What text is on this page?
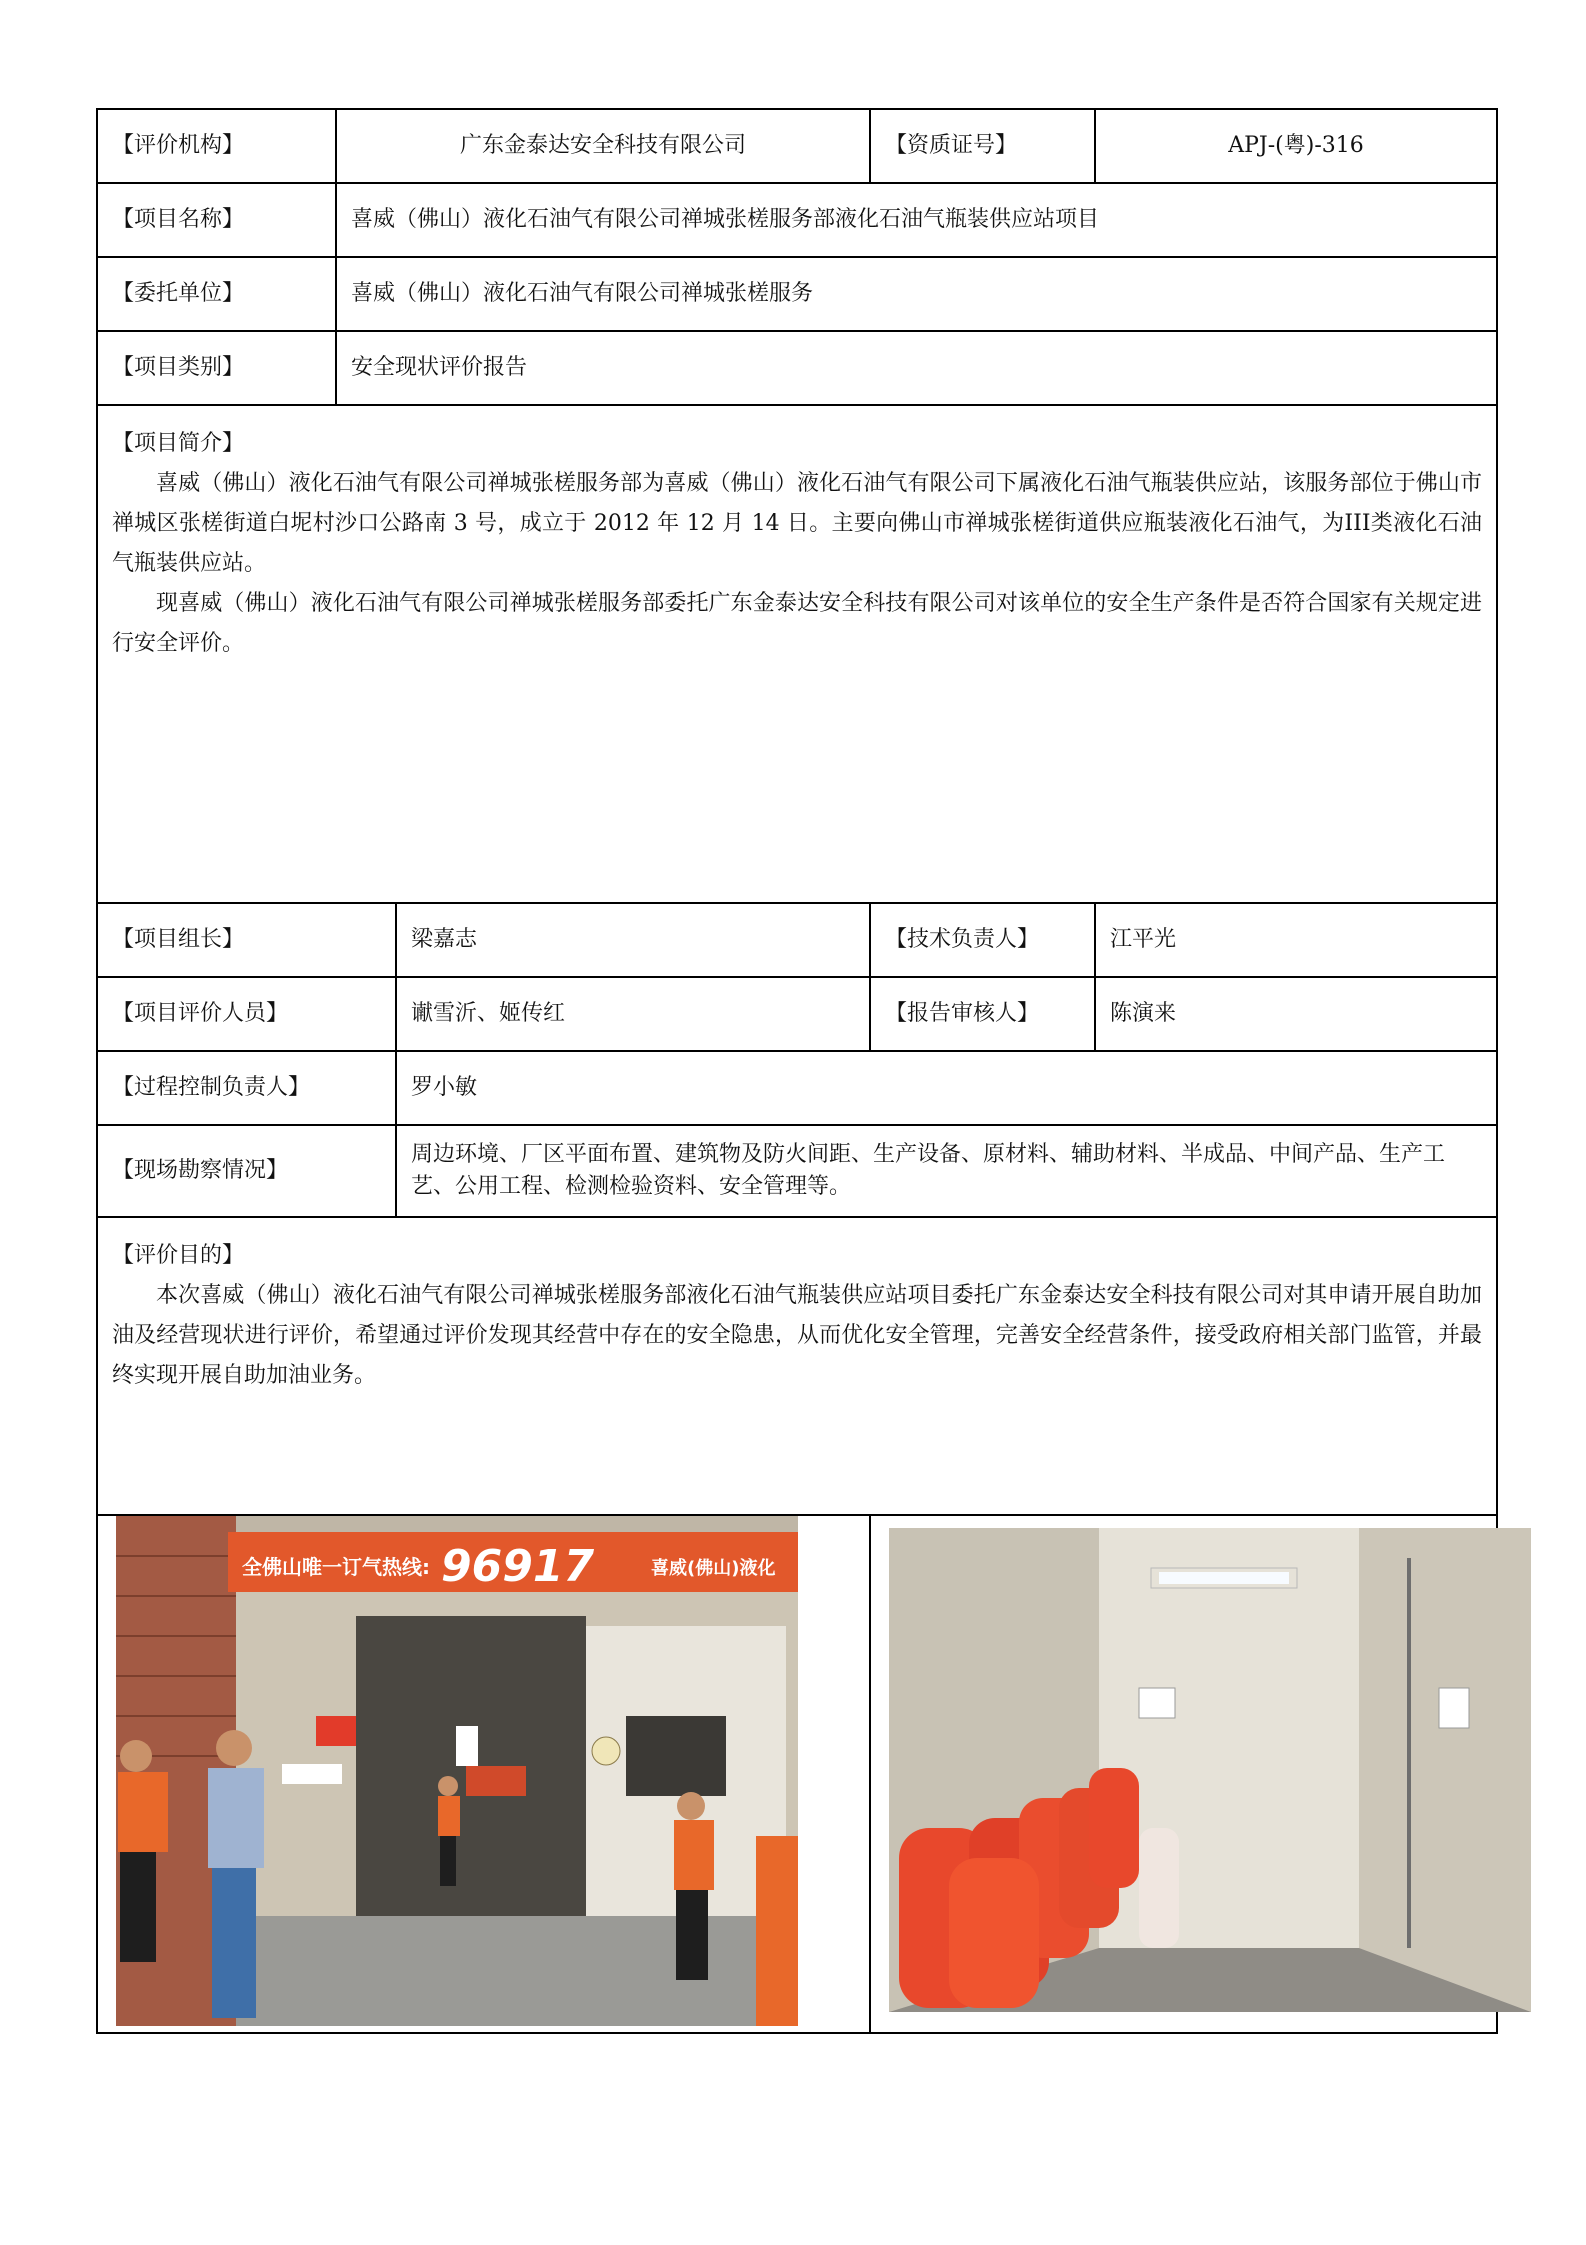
【评价机构】	广东金泰达安全科技有限公司		【资质证号】	APJ-(粤)-316
【项目名称】	喜威（佛山）液化石油气有限公司禅城张槎服务部液化石油气瓶装供应站项目			
【委托单位】	喜威（佛山）液化石油气有限公司禅城张槎服务			
【项目类别】	安全现状评价报告			

【项目简介】

喜威（佛山）液化石油气有限公司禅城张槎服务部为喜威（佛山）液化石油气有限公司下属液化石油气瓶装供应站，该服务部位于佛山市禅城区张槎街道白坭村沙口公路南 3 号，成立于 2012 年 12 月 14 日。主要向佛山市禅城张槎街道供应瓶装液化石油气，为III类液化石油气瓶装供应站。

现喜威（佛山）液化石油气有限公司禅城张槎服务部委托广东金泰达安全科技有限公司对该单位的安全生产条件是否符合国家有关规定进行安全评价。				

【项目组长】		梁嘉志	【技术负责人】	江平光
【项目评价人员】		谳雪沂、姬传红	【报告审核人】	陈演来
【过程控制负责人】		罗小敏		
【现场勘察情况】		周边环境、厂区平面布置、建筑物及防火间距、生产设备、原材料、辅助材料、半成品、中间产品、生产工艺、公用工程、检测检验资料、安全管理等。		

【评价目的】

本次喜威（佛山）液化石油气有限公司禅城张槎服务部液化石油气瓶装供应站项目委托广东金泰达安全科技有限公司对其申请开展自助加油及经营现状进行评价，希望通过评价发现其经营中存在的安全隐患，从而优化安全管理，完善安全经营条件，接受政府相关部门监管，并最终实现开展自助加油业务。				

全佛山唯一订气热线: 96917 喜威(佛山)液化
